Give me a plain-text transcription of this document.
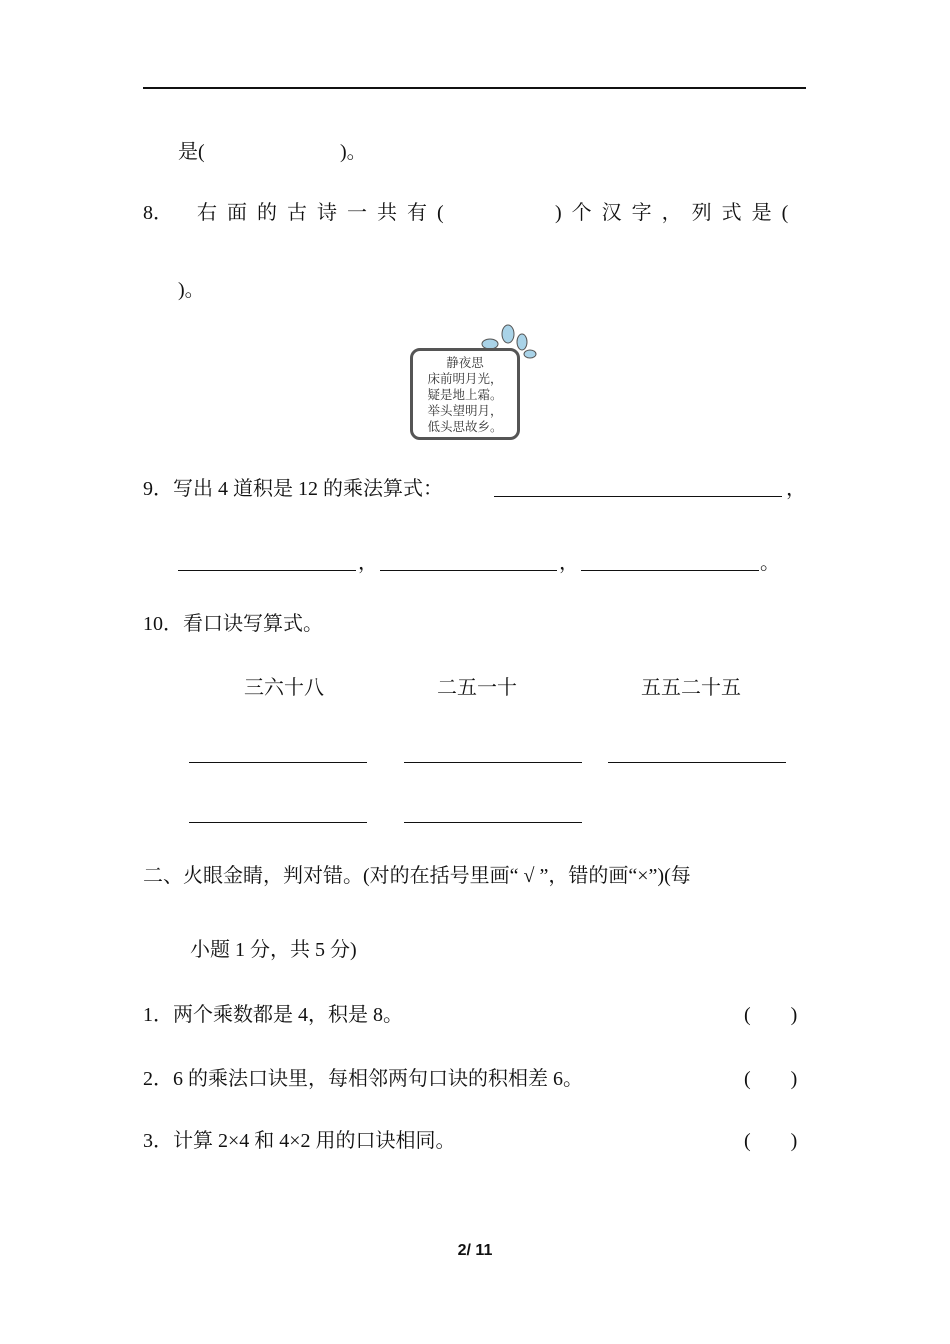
是(	)。
8． 右面的古诗一共有(	)个汉字，列式是(
)。
静夜思
床前明月光，
疑是地上霜。
举头望明月，
低头思故乡。
9．写出 4 道积是 12 的乘法算式：	，
，	，	。
10．看口诀写算式。
三六十八	二五一十	五五二十五
二、火眼金睛，判对错。(对的在括号里画“ √ ”，错的画“×”)(每
小题 1 分，共 5 分)
1．两个乘数都是 4，积是 8。	(　　)
2．6 的乘法口诀里，每相邻两句口诀的积相差 6。	(　　)
3．计算 2×4 和 4×2 用的口诀相同。	(　　)
2/ 11
